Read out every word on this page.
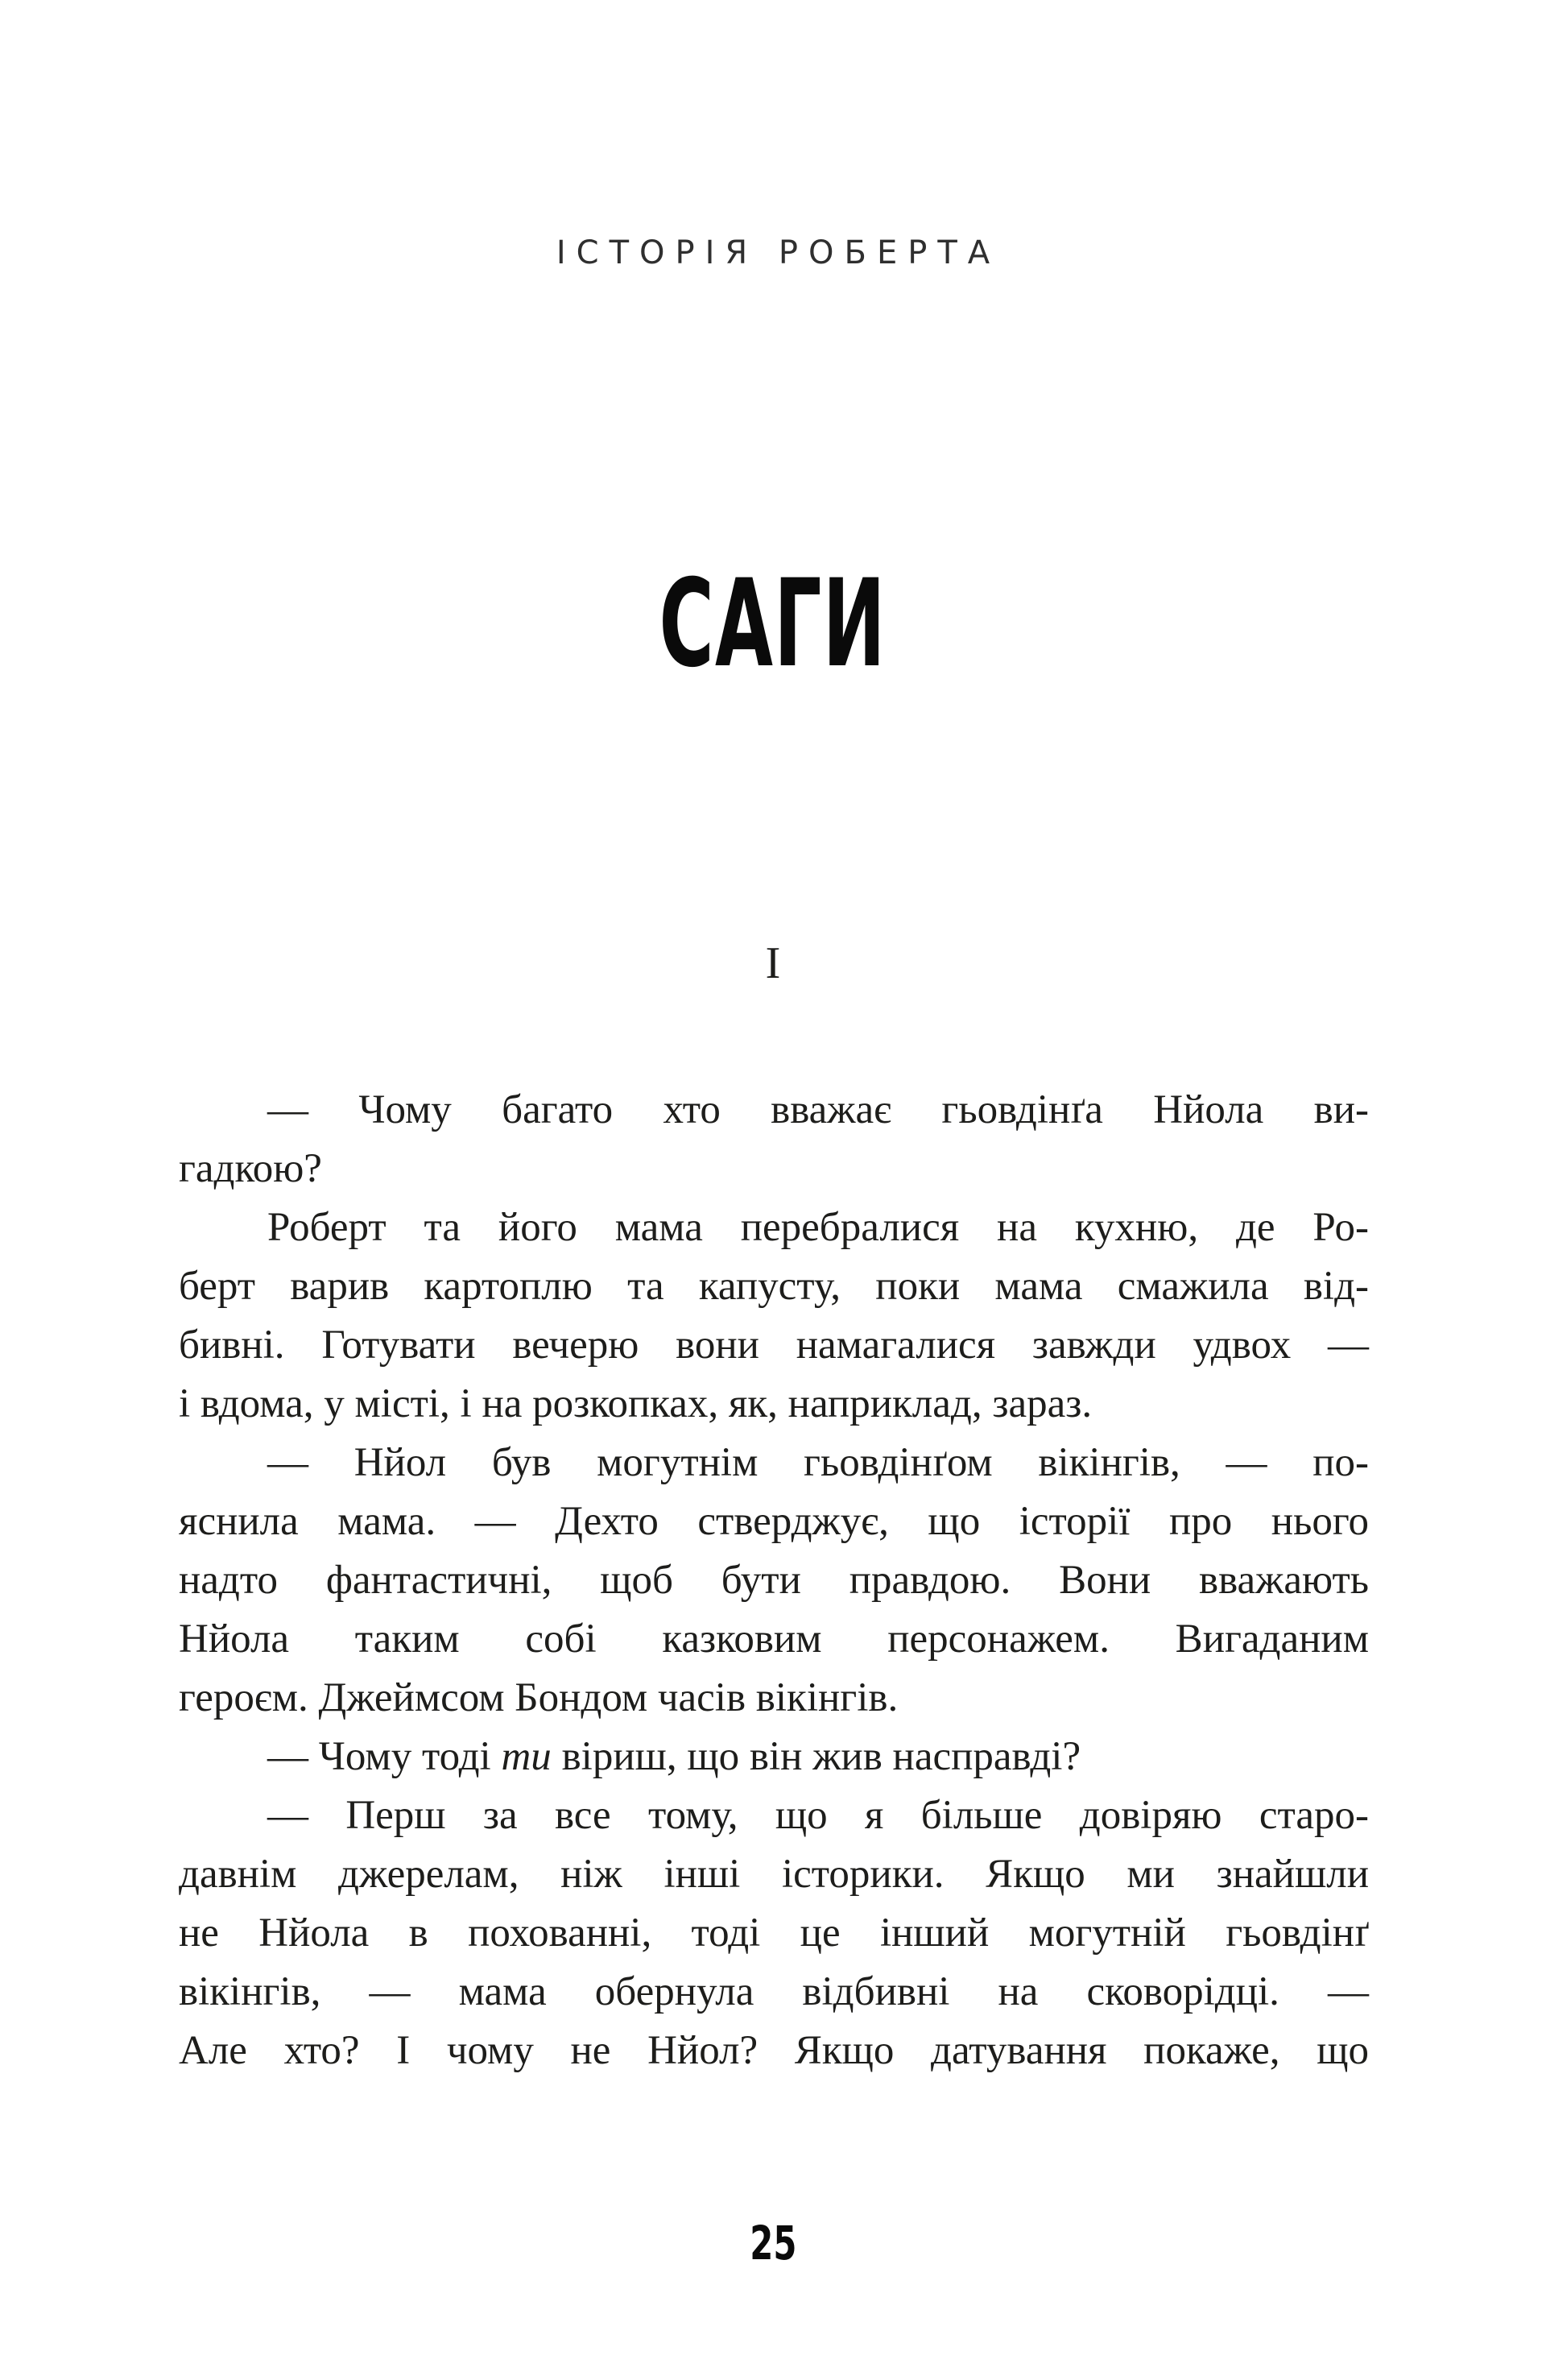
ІСТОРІЯ РОБЕРТА
САГИ
I
— Чому багато хто вважає гьовдінґа Нйола ви-
гадкою?
Роберт та його мама перебралися на кухню, де Ро-
берт варив картоплю та капусту, поки мама смажила від-
бивні. Готувати вечерю вони намагалися завжди удвох —
і вдома, у місті, і на розкопках, як, наприклад, зараз.
— Нйол був могутнім гьовдінґом вікінгів, — по-
яснила мама. — Дехто стверджує, що історії про нього
надто фантастичні, щоб бути правдою. Вони вважають
Нйола таким собі казковим персонажем. Вигаданим
героєм. Джеймсом Бондом часів вікінгів.
— Чому тоді ти віриш, що він жив насправді?
— Перш за все тому, що я більше довіряю старо-
давнім джерелам, ніж інші історики. Якщо ми знайшли
не Нйола в похованні, тоді це інший могутній гьовдінґ
вікінгів, — мама обернула відбивні на сковорідці. —
Але хто? І чому не Нйол? Якщо датування покаже, що
25
